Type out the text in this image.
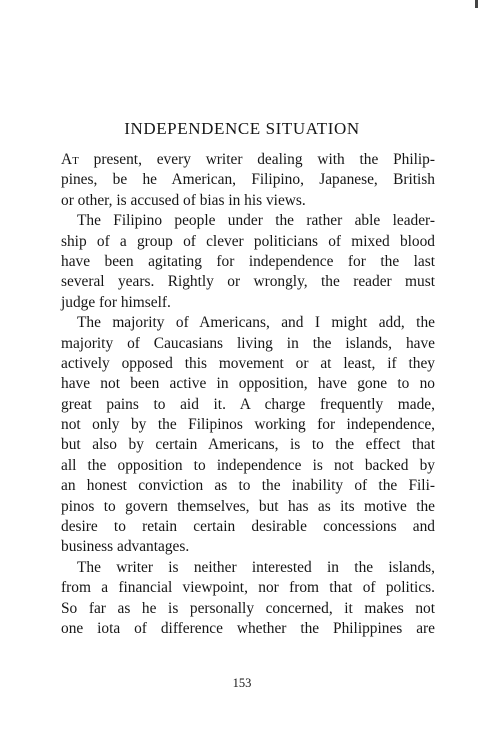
INDEPENDENCE SITUATION

At present, every writer dealing with the Philip-
pines, be he American, Filipino, Japanese, British
or other, is accused of bias in his views.

The Filipino people under the rather able leader-
ship of a group of clever politicians of mixed blood
have been agitating for independence for the last
several years. Rightly or wrongly, the reader must
judge for himself.

The majority of Americans, and I might add, the
majority of Caucasians living in the islands, have
actively opposed this movement or at least, if they
have not been active in opposition, have gone to no
great pains to aid it. A charge frequently made,
not only by the Filipinos working for independence,
but also by certain Americans, is to the effect that
all the opposition to independence is not backed by
an honest conviction as to the inability of the Fili-
pinos to govern themselves, but has as its motive the
desire to retain certain desirable concessions and
business advantages.

The writer is neither interested in the islands,
from a financial viewpoint, nor from that of politics.
So far as he is personally concerned, it makes not
one iota of difference whether the Philippines are

153
